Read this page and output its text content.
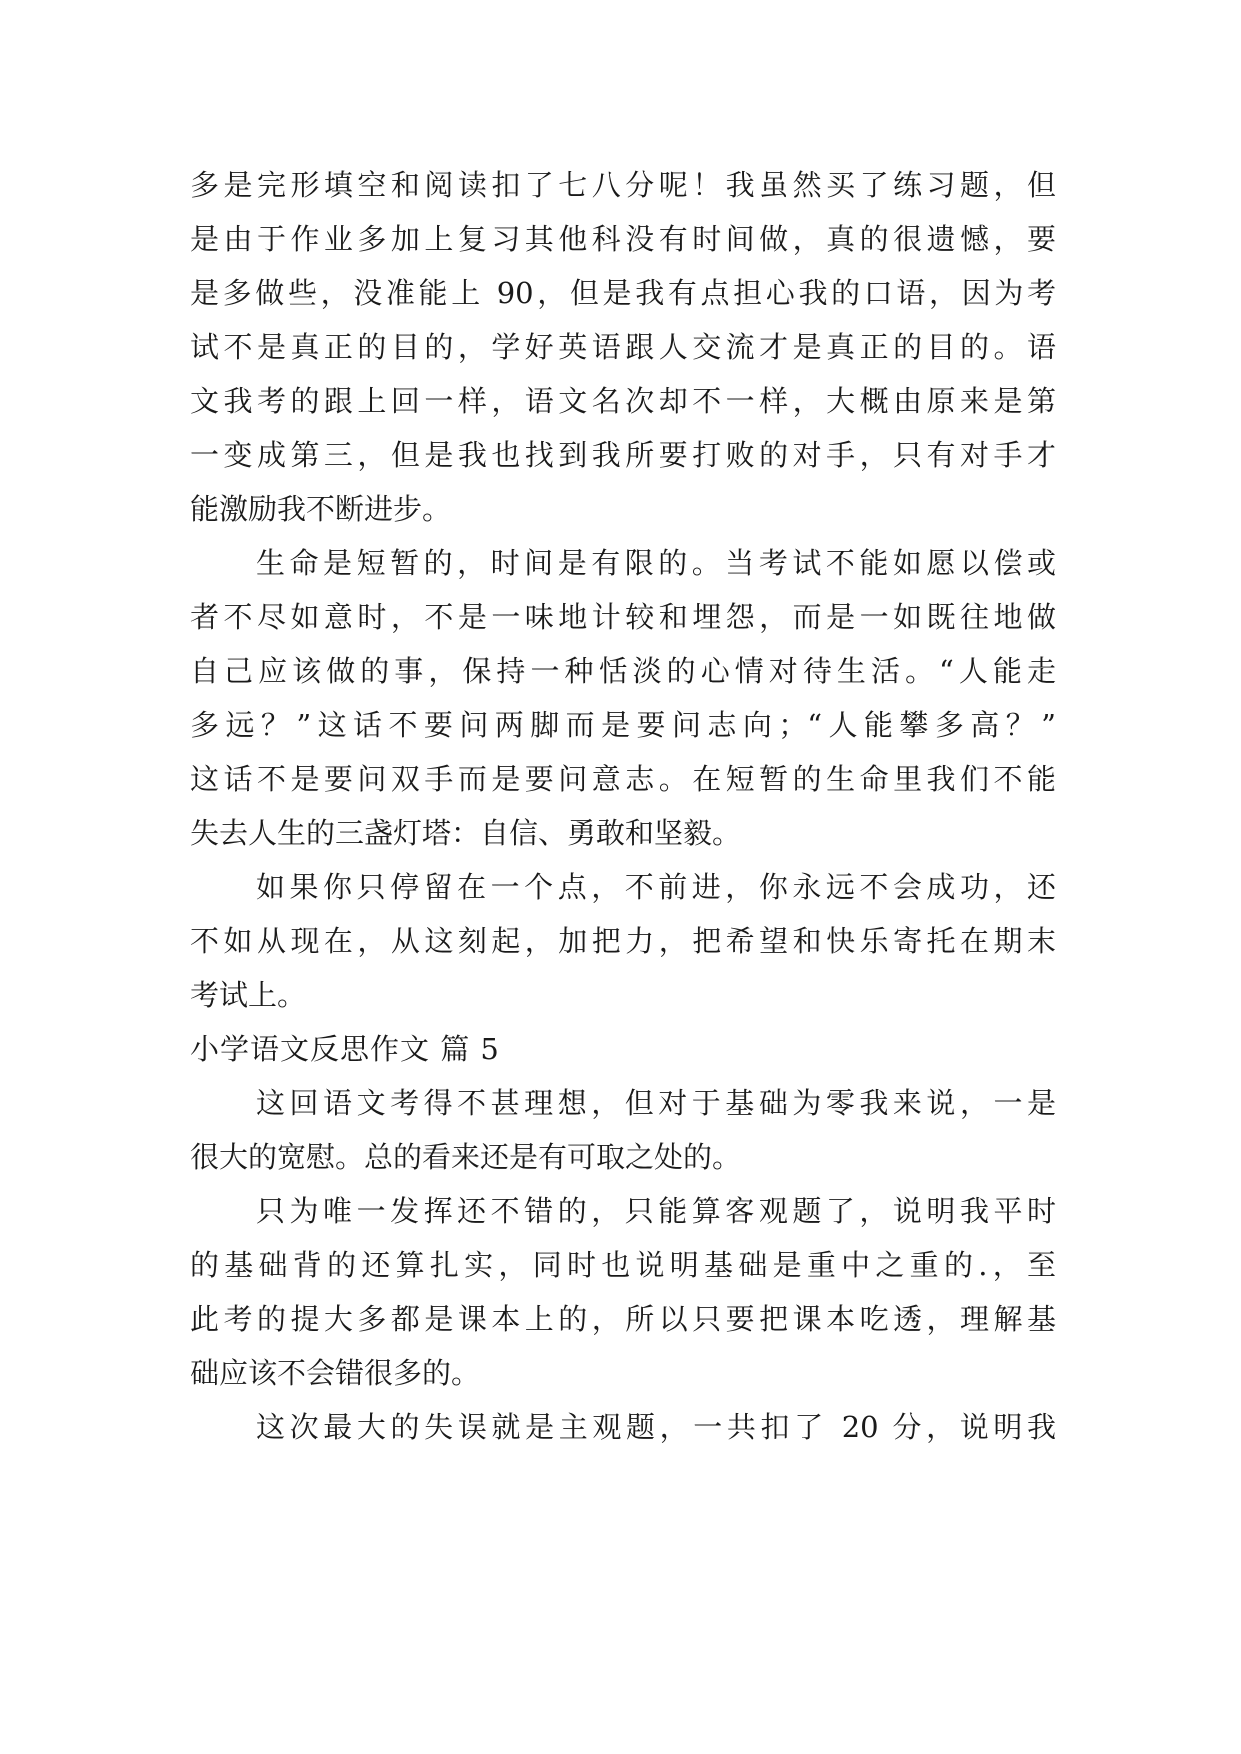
多是完形填空和阅读扣了七八分呢！我虽然买了练习题，但
是由于作业多加上复习其他科没有时间做，真的很遗憾，要
是多做些，没准能上 90，但是我有点担心我的口语，因为考
试不是真正的目的，学好英语跟人交流才是真正的目的。语
文我考的跟上回一样，语文名次却不一样，大概由原来是第
一变成第三，但是我也找到我所要打败的对手，只有对手才
能激励我不断进步。
生命是短暂的，时间是有限的。当考试不能如愿以偿或
者不尽如意时，不是一味地计较和埋怨，而是一如既往地做
自己应该做的事，保持一种恬淡的心情对待生活。“人能走
多远？”这话不要问两脚而是要问志向；“人能攀多高？”
这话不是要问双手而是要问意志。在短暂的生命里我们不能
失去人生的三盏灯塔：自信、勇敢和坚毅。
如果你只停留在一个点，不前进，你永远不会成功，还
不如从现在，从这刻起，加把力，把希望和快乐寄托在期末
考试上。
小学语文反思作文 篇 5
这回语文考得不甚理想，但对于基础为零我来说，一是
很大的宽慰。总的看来还是有可取之处的。
只为唯一发挥还不错的，只能算客观题了，说明我平时
的基础背的还算扎实，同时也说明基础是重中之重的.，至
此考的提大多都是课本上的，所以只要把课本吃透，理解基
础应该不会错很多的。
这次最大的失误就是主观题，一共扣了 20 分，说明我
